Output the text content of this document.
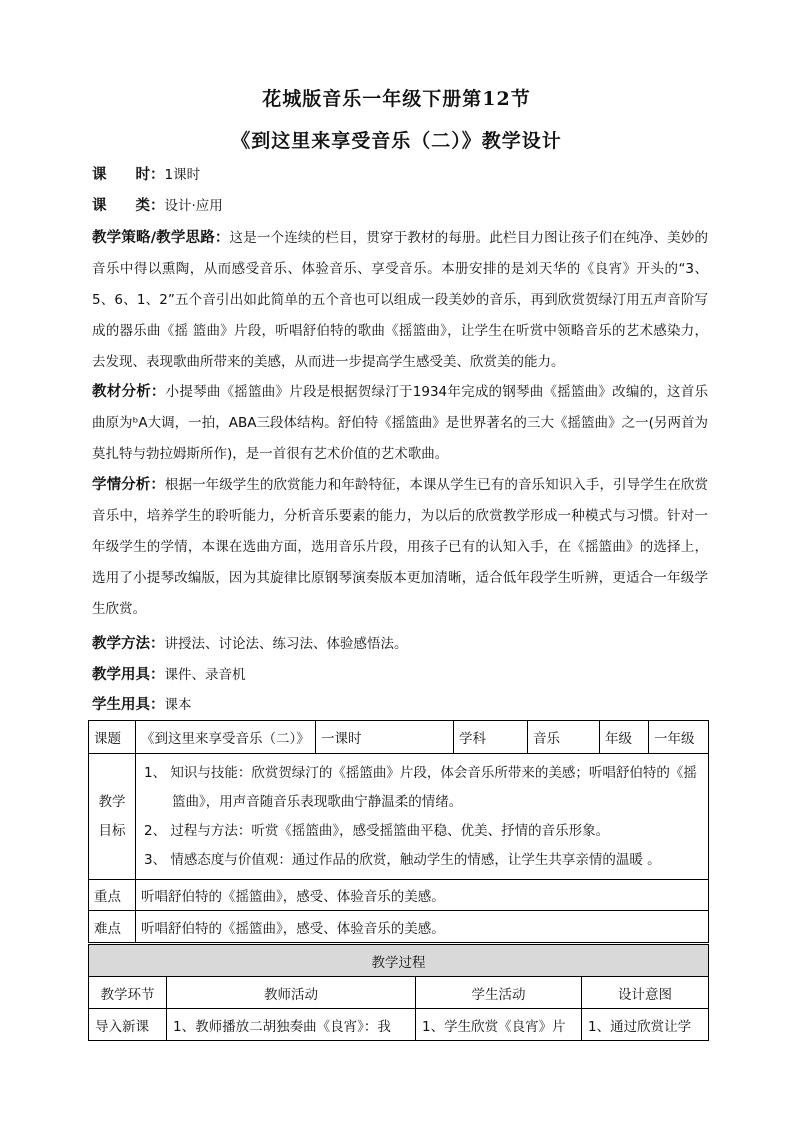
花城版音乐一年级下册第12节
《到这里来享受音乐（二）》教学设计
课　　时：1课时
课　　类：设计·应用
教学策略/教学思路：这是一个连续的栏目，贯穿于教材的每册。此栏目力图让孩子们在纯净、美妙的音乐中得以熏陶，从而感受音乐、体验音乐、享受音乐。本册安排的是刘天华的《良宵》开头的“3、5、6、1、2”五个音引出如此简单的五个音也可以组成一段美妙的音乐，再到欣赏贺绿汀用五声音阶写成的器乐曲《摇 篮曲》片段，听唱舒伯特的歌曲《摇篮曲》，让学生在听赏中领略音乐的艺术感染力，去发现、表现歌曲所带来的美感，从而进一步提高学生感受美、欣赏美的能力。
教材分析：小提琴曲《摇篮曲》片段是根据贺绿汀于1934年完成的钢琴曲《摇篮曲》改编的，这首乐曲原为ᵇA大调，一拍，ABA三段体结构。舒伯特《摇篮曲》是世界著名的三大《摇篮曲》之一(另两首为莫扎特与勃拉姆斯所作)，是一首很有艺术价值的艺术歌曲。
学情分析：根据一年级学生的欣赏能力和年龄特征，本课从学生已有的音乐知识入手，引导学生在欣赏音乐中，培养学生的聆听能力，分析音乐要素的能力，为以后的欣赏教学形成一种模式与习惯。针对一年级学生的学情，本课在选曲方面，选用音乐片段，用孩子已有的认知入手，在《摇篮曲》的选择上，选用了小提琴改编版，因为其旋律比原钢琴演奏版本更加清晰，适合低年段学生听辨，更适合一年级学生欣赏。
教学方法：讲授法、讨论法、练习法、体验感悟法。
教学用具：课件、录音机
学生用具：课本
课题	《到这里来享受音乐（二）》	一课时	学科	音乐	年级	一年级
教学
目标	1、 知识与技能：欣赏贺绿汀的《摇篮曲》片段，体会音乐所带来的美感；听唱舒伯特的《摇
篮曲》，用声音随音乐表现歌曲宁静温柔的情绪。
2、 过程与方法：听赏《摇篮曲》，感受摇篮曲平稳、优美、抒情的音乐形象。
3、 情感态度与价值观：通过作品的欣赏，触动学生的情感，让学生共享亲情的温暖 。					

重点	听唱舒伯特的《摇篮曲》，感受、体验音乐的美感。					
难点	听唱舒伯特的《摇篮曲》，感受、体验音乐的美感。					
教学过程			
教学环节	教师活动	学生活动	设计意图
导入新课	1、教师播放二胡独奏曲《良宵》：我	1、学生欣赏《良宵》片	1、通过欣赏让学
